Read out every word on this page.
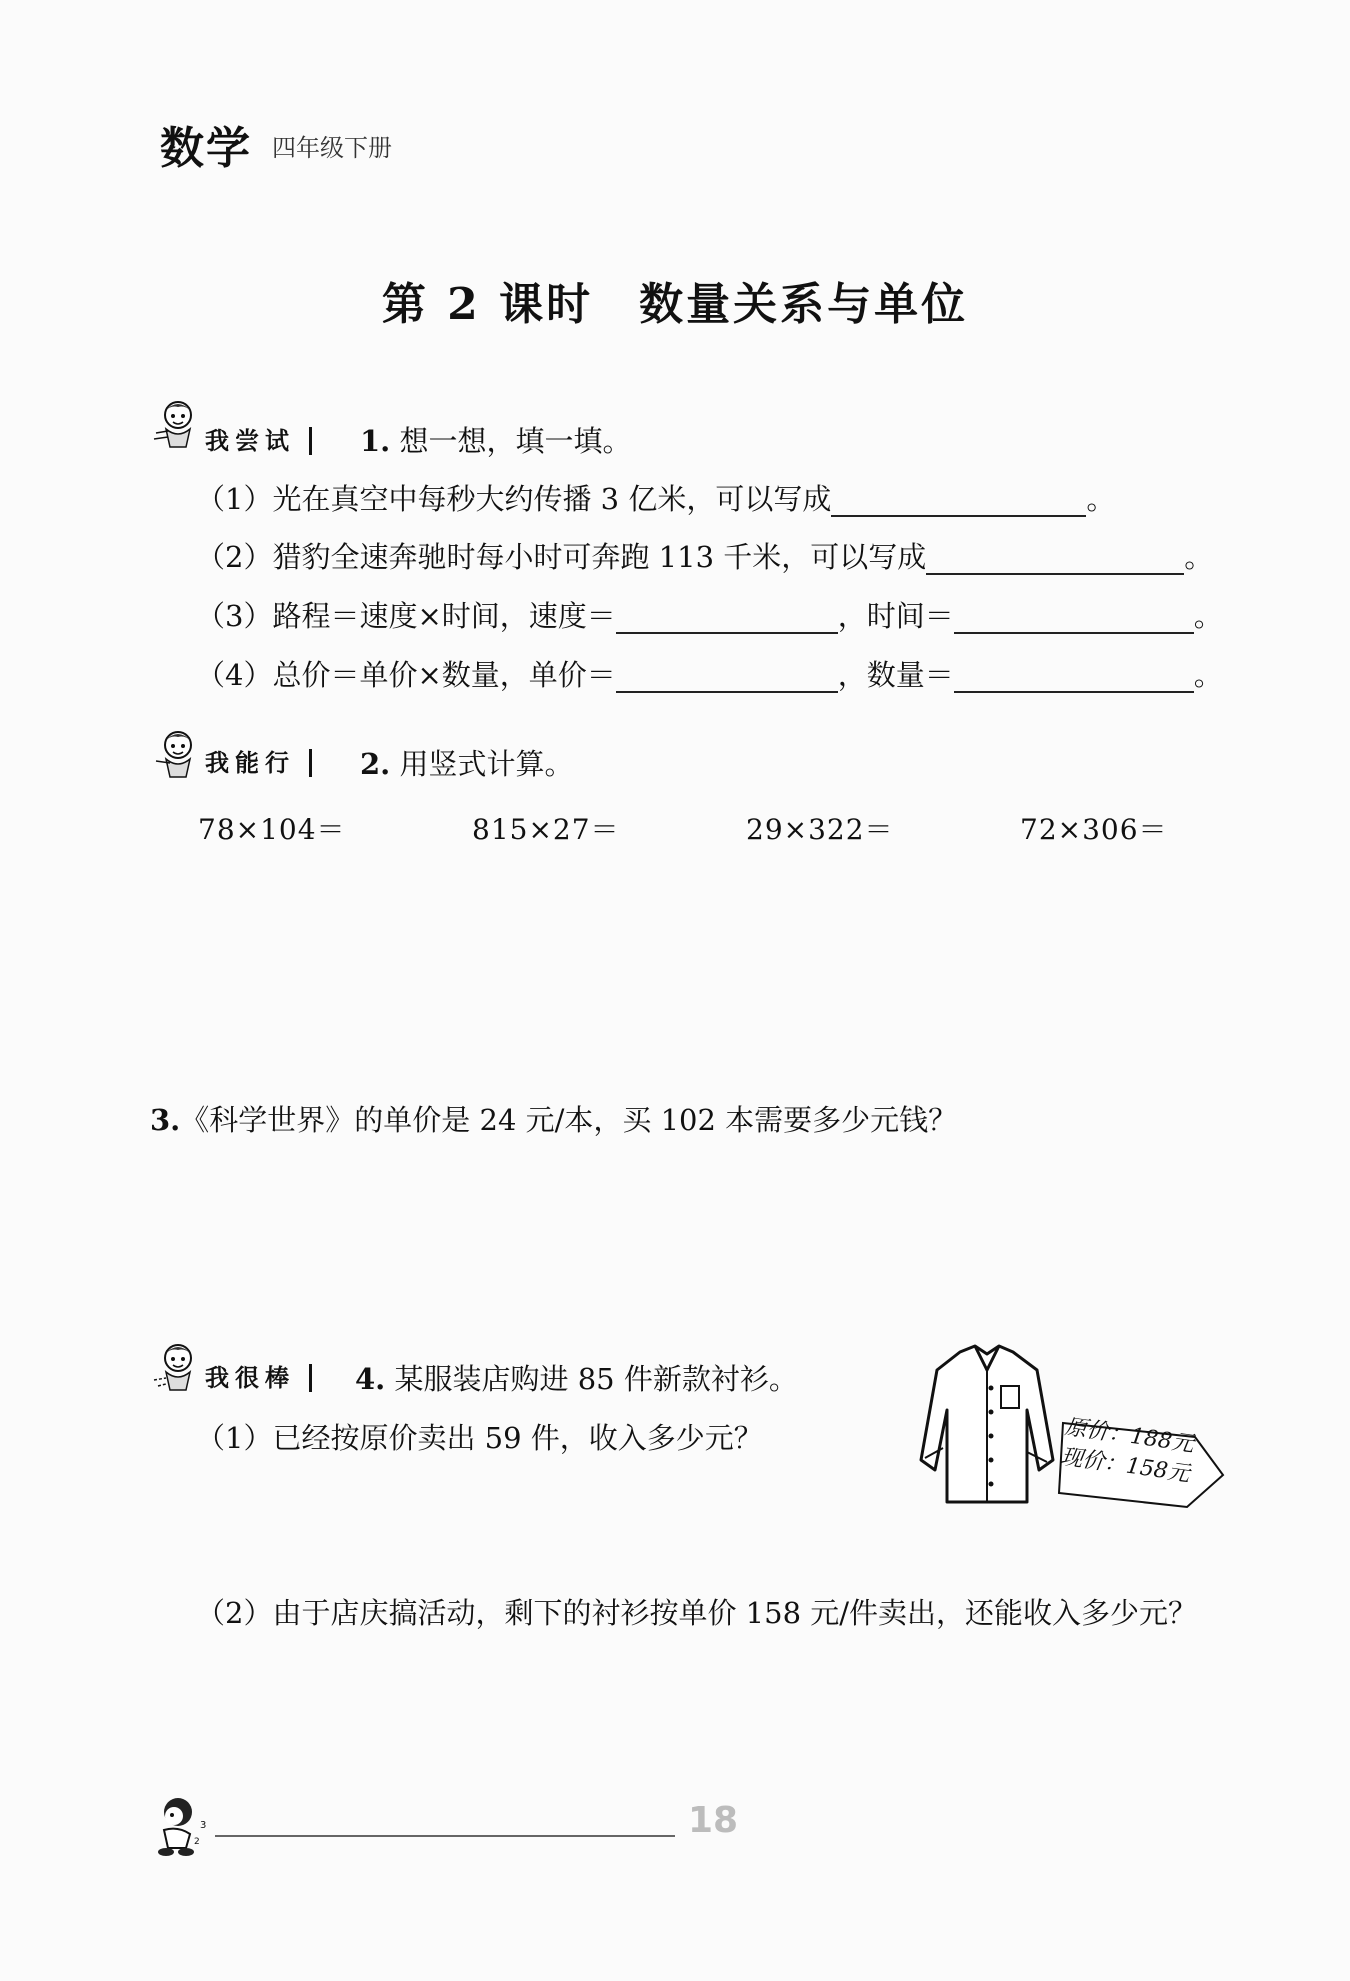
数学 四年级下册
第 2 课时 数量关系与单位
我尝试	1. 想一想，填一填。
（1）光在真空中每秒大约传播 3 亿米，可以写成	。
（2）猎豹全速奔驰时每小时可奔跑 113 千米，可以写成	。
（3）路程＝速度×时间，速度＝	，时间＝	。
（4）总价＝单价×数量，单价＝	，数量＝	。
我能行	2. 用竖式计算。
78×104＝	815×27＝	29×322＝	72×306＝
3.《科学世界》的单价是 24 元/本，买 102 本需要多少元钱？
我很棒	4. 某服装店购进 85 件新款衬衫。
（1）已经按原价卖出 59 件，收入多少元？	原价：188元
现价：158元
（2）由于店庆搞活动，剩下的衬衫按单价 158 元/件卖出，还能收入多少元？
3
2
18
